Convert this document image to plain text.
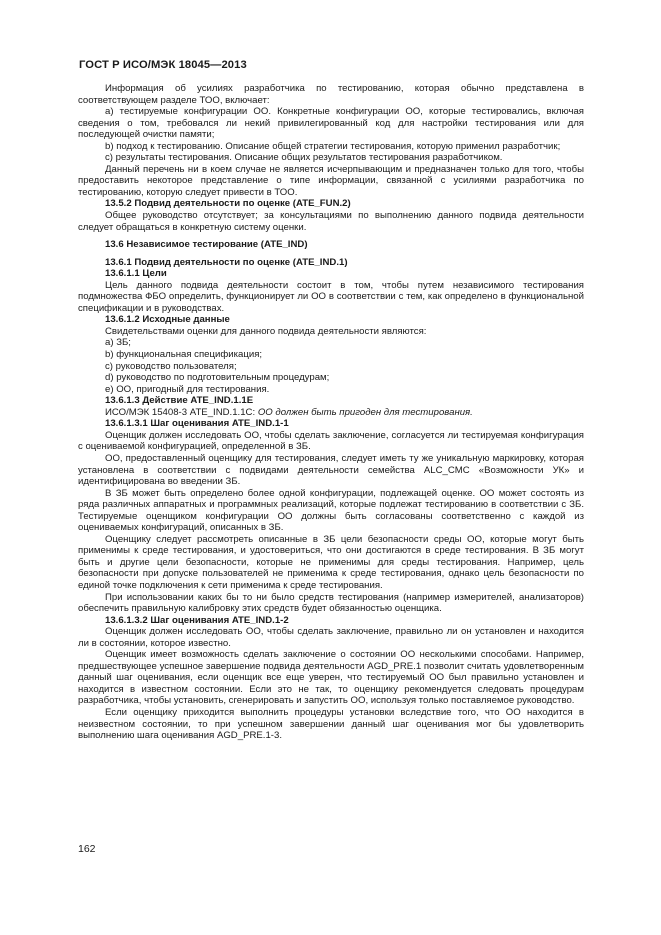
ГОСТ Р ИСО/МЭК 18045—2013

Информация об усилиях разработчика по тестированию, которая обычно представлена в соответствующем разделе ТОО, включает:

а) тестируемые конфигурации ОО. Конкретные конфигурации ОО, которые тестировались, включая сведения о том, требовался ли некий привилегированный код для настройки тестирования или для последующей очистки памяти;

b) подход к тестированию. Описание общей стратегии тестирования, которую применил разработчик;

c) результаты тестирования. Описание общих результатов тестирования разработчиком.

Данный перечень ни в коем случае не является исчерпывающим и предназначен только для того, чтобы предоставить некоторое представление о типе информации, связанной с усилиями разработчика по тестированию, которую следует привести в ТОО.

13.5.2 Подвид деятельности по оценке (ATE_FUN.2)

Общее руководство отсутствует; за консультациями по выполнению данного подвида деятельности следует обращаться в конкретную систему оценки.

13.6 Независимое тестирование (ATE_IND)

13.6.1 Подвид деятельности по оценке (ATE_IND.1)

13.6.1.1 Цели

Цель данного подвида деятельности состоит в том, чтобы путем независимого тестирования подмножества ФБО определить, функционирует ли ОО в соответствии с тем, как определено в функциональной спецификации и в руководствах.

13.6.1.2 Исходные данные

Свидетельствами оценки для данного подвида деятельности являются:

a) ЗБ;

b) функциональная спецификация;

c) руководство пользователя;

d) руководство по подготовительным процедурам;

e) ОО, пригодный для тестирования.

13.6.1.3 Действие ATE_IND.1.1E

ИСО/МЭК 15408-3 ATE_IND.1.1С: ОО должен быть пригоден для тестирования.

13.6.1.3.1 Шаг оценивания ATE_IND.1-1

Оценщик должен исследовать ОО, чтобы сделать заключение, согласуется ли тестируемая конфигурация с оцениваемой конфигурацией, определенной в ЗБ.

ОО, предоставленный оценщику для тестирования, следует иметь ту же уникальную маркировку, которая установлена в соответствии с подвидами деятельности семейства ALC_CMC «Возможности УК» и идентифицирована во введении ЗБ.

В ЗБ может быть определено более одной конфигурации, подлежащей оценке. ОО может состоять из ряда различных аппаратных и программных реализаций, которые подлежат тестированию в соответствии с ЗБ. Тестируемые оценщиком конфигурации ОО должны быть согласованы соответственно с каждой из оцениваемых конфигураций, описанных в ЗБ.

Оценщику следует рассмотреть описанные в ЗБ цели безопасности среды ОО, которые могут быть применимы к среде тестирования, и удостовериться, что они достигаются в среде тестирования. В ЗБ могут быть и другие цели безопасности, которые не применимы для среды тестирования. Например, цель безопасности при допуске пользователей не применима к среде тестирования, однако цель безопасности по единой точке подключения к сети применима к среде тестирования.

При использовании каких бы то ни было средств тестирования (например измерителей, анализаторов) обеспечить правильную калибровку этих средств будет обязанностью оценщика.

13.6.1.3.2 Шаг оценивания ATE_IND.1-2

Оценщик должен исследовать ОО, чтобы сделать заключение, правильно ли он установлен и находится ли в состоянии, которое известно.

Оценщик имеет возможность сделать заключение о состоянии ОО несколькими способами. Например, предшествующее успешное завершение подвида деятельности AGD_PRE.1 позволит считать удовлетворенным данный шаг оценивания, если оценщик все еще уверен, что тестируемый ОО был правильно установлен и находится в известном состоянии. Если это не так, то оценщику рекомендуется следовать процедурам разработчика, чтобы установить, сгенерировать и запустить ОО, используя только поставляемое руководство.

Если оценщику приходится выполнить процедуры установки вследствие того, что ОО находится в неизвестном состоянии, то при успешном завершении данный шаг оценивания мог бы удовлетворить выполнению шага оценивания AGD_PRE.1-3.

162
